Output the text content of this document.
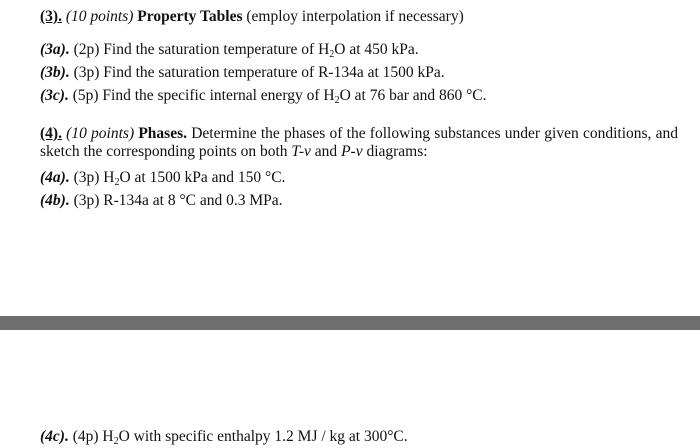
(3). (10 points) Property Tables (employ interpolation if necessary)
(3a). (2p) Find the saturation temperature of $H_2O$ at 450 kPa.
(3b). (3p) Find the saturation temperature of R-134a at 1500 kPa.
(3c). (5p) Find the specific internal energy of $H_2O$ at 76 bar and 860 °C.
(4). (10 points) Phases. Determine the phases of the following substances under given conditions, and sketch the corresponding points on both T-v and P-v diagrams:
(4a). (3p) $H_2O$ at 1500 kPa and 150 °C.
(4b). (3p) R-134a at 8 °C and 0.3 MPa.
(4c). (4p) $H_2O$ with specific enthalpy 1.2 MJ / kg at 300°C.
